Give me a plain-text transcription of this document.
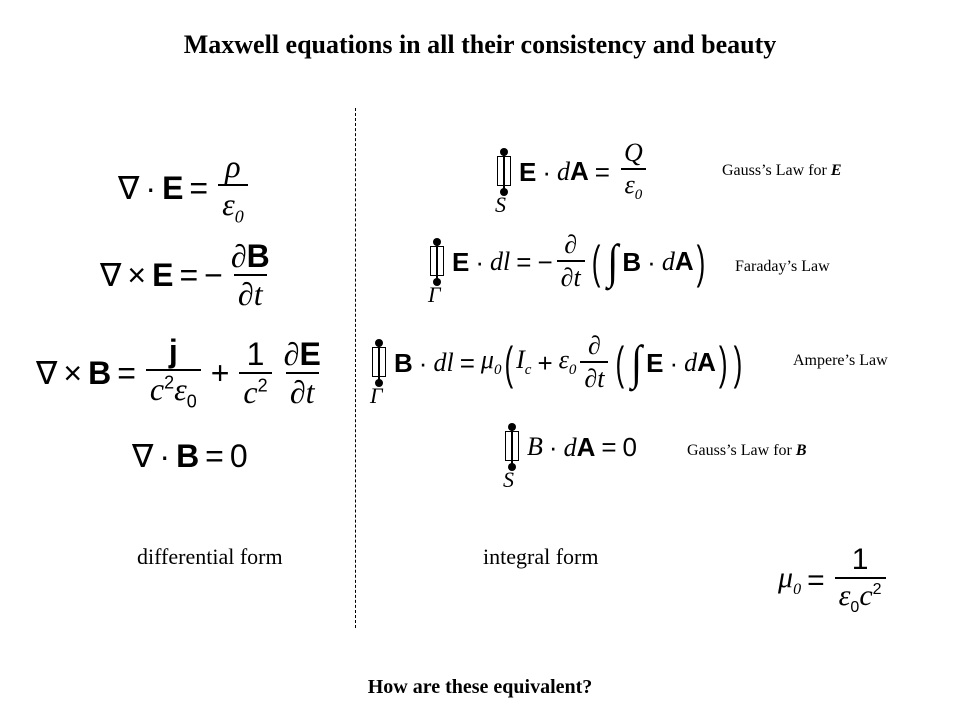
Maxwell equations in all their consistency and beauty
∇ · $E = \frac{\rho}{\varepsilon_0}$
∇ × E = − $\frac{\partial B}{\partial t}$
∇ × $B = \frac{j}{c^2\varepsilon_0} + \frac{1}{c^2} \frac{\partial E}{\partial t}$
∇ · B = 0
S
E · dA = $\frac{Q}{\varepsilon_0}$	Gauss’s Law for E
Γ
E · dl = − $\frac{\partial}{\partial t}$ ( ∫ B · dA ) Faraday’s Law
Γ
B · dl = $\mu_0$ ( $I_c + \varepsilon_0 \frac{\partial}{\partial t}$ ( ∫ E · dA ) )	Ampere’s Law
S
B · dA = 0	Gauss’s Law for B
differential form	integral form
$\mu_0 = \frac{1}{\varepsilon_0c^2}$
How are these equivalent?
